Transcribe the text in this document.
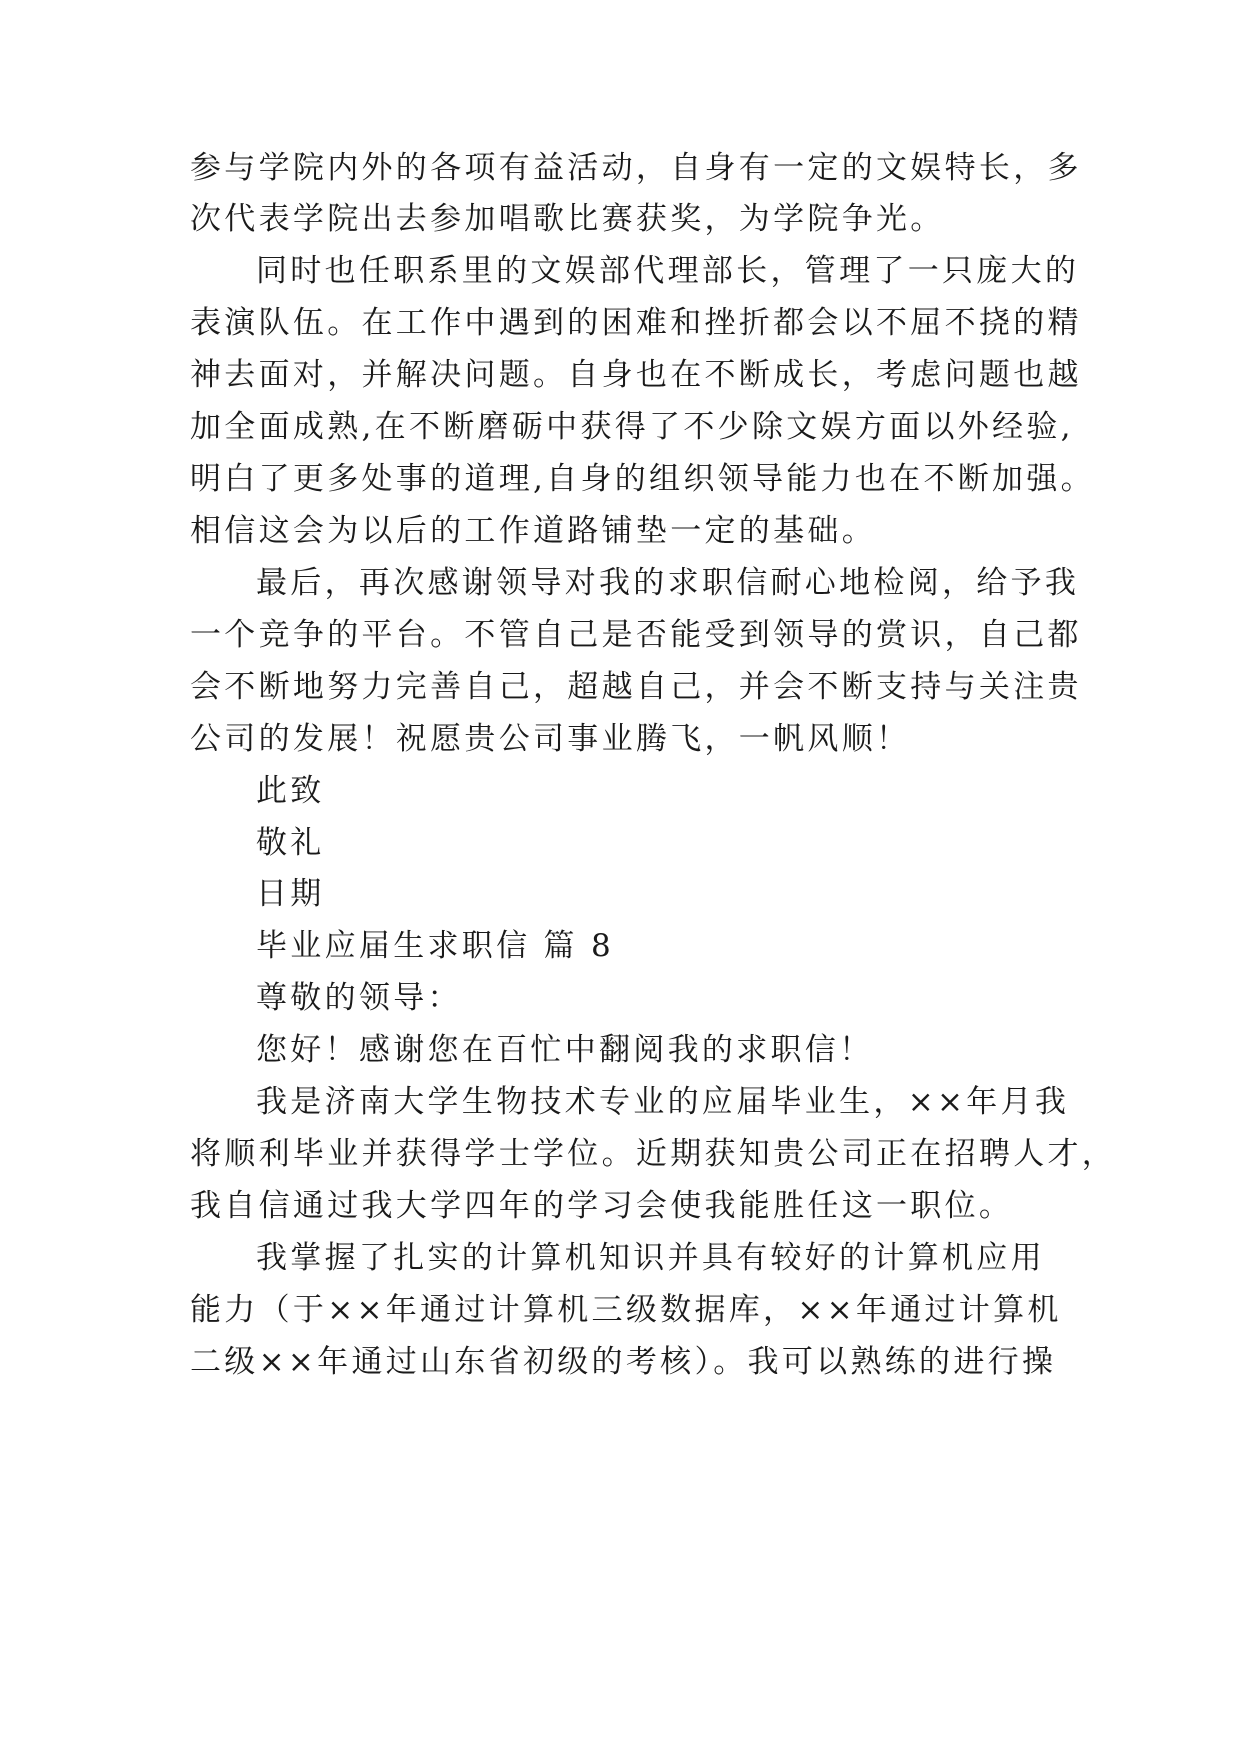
参与学院内外的各项有益活动，自身有一定的文娱特长，多
次代表学院出去参加唱歌比赛获奖，为学院争光。
同时也任职系里的文娱部代理部长，管理了一只庞大的
表演队伍。在工作中遇到的困难和挫折都会以不屈不挠的精
神去面对，并解决问题。自身也在不断成长，考虑问题也越
加全面成熟,在不断磨砺中获得了不少除文娱方面以外经验,
明白了更多处事的道理,自身的组织领导能力也在不断加强。
相信这会为以后的工作道路铺垫一定的基础。
最后，再次感谢领导对我的求职信耐心地检阅，给予我
一个竞争的平台。不管自己是否能受到领导的赏识，自己都
会不断地努力完善自己，超越自己，并会不断支持与关注贵
公司的发展！祝愿贵公司事业腾飞，一帆风顺！
此致
敬礼
日期
毕业应届生求职信 篇 8
尊敬的领导：
您好！感谢您在百忙中翻阅我的求职信！
我是济南大学生物技术专业的应届毕业生，××年月我
将顺利毕业并获得学士学位。近期获知贵公司正在招聘人才，
我自信通过我大学四年的学习会使我能胜任这一职位。
我掌握了扎实的计算机知识并具有较好的计算机应用
能力（于××年通过计算机三级数据库，××年通过计算机
二级××年通过山东省初级的考核）。我可以熟练的进行操
